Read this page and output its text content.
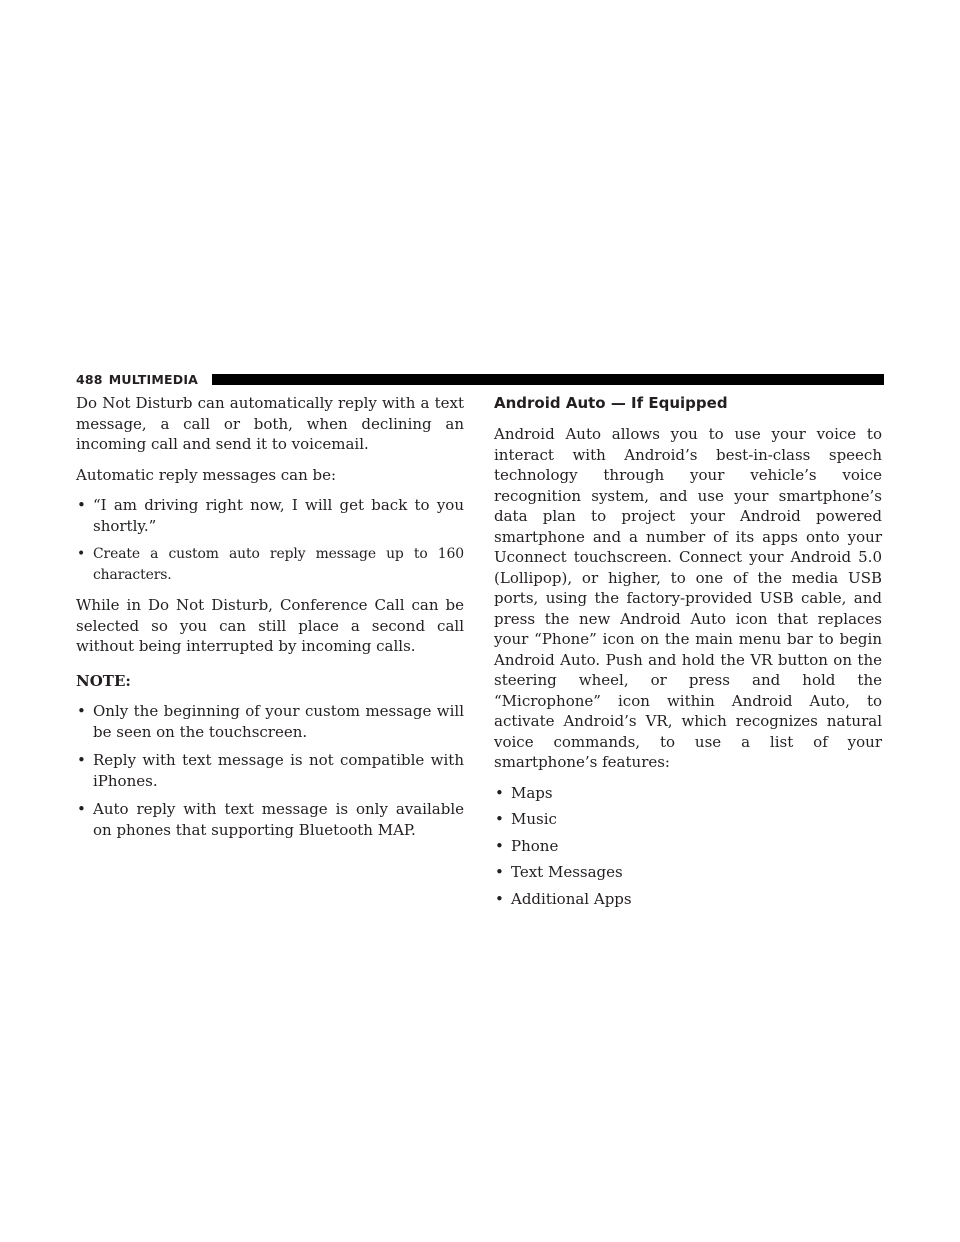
488 MULTIMEDIA

Do Not Disturb can automatically reply with a text message, a call or both, when declining an incoming call and send it to voicemail.

Automatic reply messages can be:

• “I am driving right now, I will get back to you shortly.”
• Create a custom auto reply message up to 160 characters.

While in Do Not Disturb, Conference Call can be selected so you can still place a second call without being interrupted by incoming calls.

NOTE:

• Only the beginning of your custom message will be seen on the touchscreen.
• Reply with text message is not compatible with iPhones.
• Auto reply with text message is only available on phones that supporting Bluetooth MAP.
Android Auto — If Equipped

Android Auto allows you to use your voice to interact with Android’s best-in-class speech technology through your vehicle’s voice recognition system, and use your smartphone’s data plan to project your Android powered smartphone and a number of its apps onto your Uconnect touchscreen. Connect your Android 5.0 (Lollipop), or higher, to one of the media USB ports, using the factory-provided USB cable, and press the new Android Auto icon that replaces your “Phone” icon on the main menu bar to begin Android Auto. Push and hold the VR button on the steering wheel, or press and hold the “Microphone” icon within Android Auto, to activate Android’s VR, which recognizes natural voice commands, to use a list of your smartphone’s features:

• Maps
• Music
• Phone
• Text Messages
• Additional Apps
